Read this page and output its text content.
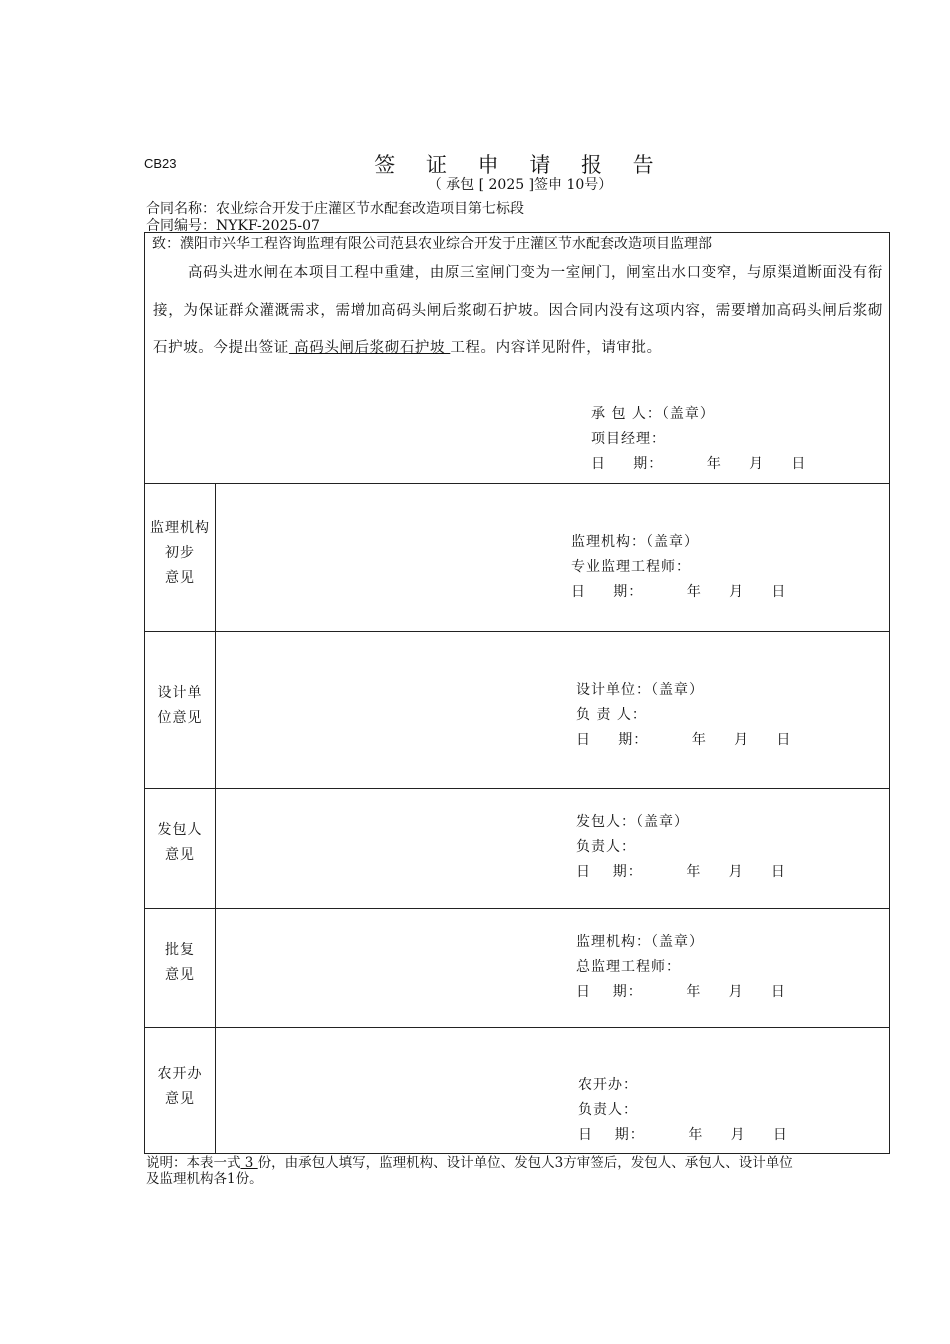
CB23	签 证 申 请 报 告
（ 承包 [ 2025 ]签申 10号）
合同名称：农业综合开发于庄灌区节水配套改造项目第七标段
合同编号：NYKF-2025-07
致：濮阳市兴华工程咨询监理有限公司范县农业综合开发于庄灌区节水配套改造项目监理部
高码头进水闸在本项目工程中重建，由原三室闸门变为一室闸门，闸室出水口变窄，与原渠道断面没有衔接，为保证群众灌溉需求，需增加高码头闸后浆砌石护坡。因合同内没有这项内容，需要增加高码头闸后浆砌石护坡。今提出签证 高码头闸后浆砌石护坡 工程。内容详见附件，请审批。
承 包 人：（盖章）
项目经理：
日     期：        年     月     日
监理机构
初步
意见
监理机构：（盖章）
专业监理工程师：
日     期：        年     月     日
设计单
位意见
设计单位：（盖章）
负 责 人：
日     期：        年     月     日
发包人
意见
发包人：（盖章）
负责人：
日    期：        年     月     日
批复
意见
监理机构：（盖章）
总监理工程师：
日    期：        年     月     日
农开办
意见
农开办：
负责人：
日    期：        年     月     日
说明：本表一式 3 份，由承包人填写，监理机构、设计单位、发包人3方审签后，发包人、承包人、设计单位及监理机构各1份。
